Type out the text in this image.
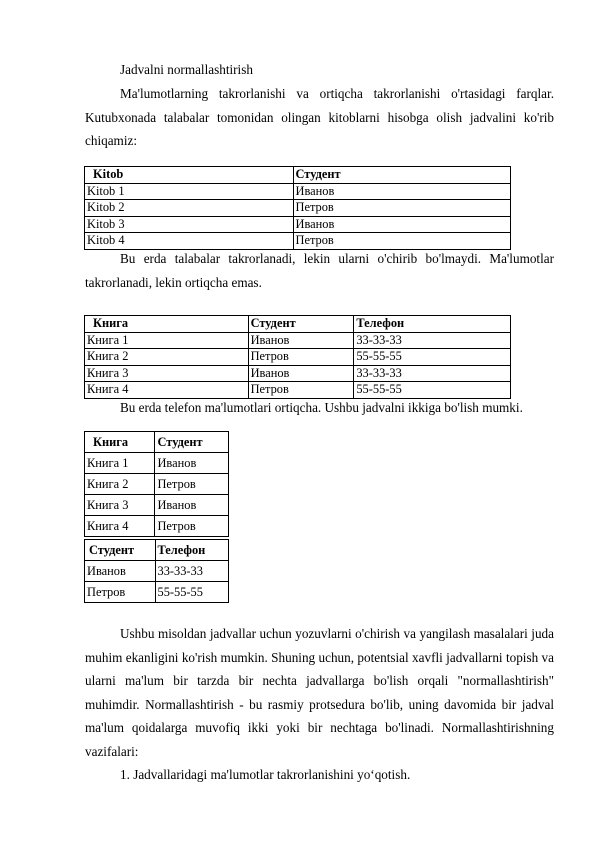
Jadvalni normallashtirish
Ma'lumotlarning takrorlanishi va ortiqcha takrorlanishi o'rtasidagi farqlar. Kutubxonada talabalar tomonidan olingan kitoblarni hisobga olish jadvalini ko'rib chiqamiz:
Kitob	Студент
Kitob 1	Иванов
Kitob 2	Петров
Kitob 3	Иванов
Kitob 4	Петров
Bu erda talabalar takrorlanadi, lekin ularni o'chirib bo'lmaydi. Ma'lumotlar takrorlanadi, lekin ortiqcha emas.
Книга	Студент	Телефон
Книга 1	Иванов	33-33-33
Книга 2	Петров	55-55-55
Книга 3	Иванов	33-33-33
Книга 4	Петров	55-55-55
Bu erda telefon ma'lumotlari ortiqcha. Ushbu jadvalni ikkiga bo'lish mumki.
Книга	Студент
Книга 1	Иванов
Книга 2	Петров
Книга 3	Иванов
Книга 4	Петров
Студент	Телефон
Иванов	33-33-33
Петров	55-55-55
Ushbu misoldan jadvallar uchun yozuvlarni o'chirish va yangilash masalalari juda muhim ekanligini ko'rish mumkin. Shuning uchun, potentsial xavfli jadvallarni topish va ularni ma'lum bir tarzda bir nechta jadvallarga bo'lish orqali "normallashtirish" muhimdir. Normallashtirish - bu rasmiy protsedura bo'lib, uning davomida bir jadval ma'lum qoidalarga muvofiq ikki yoki bir nechtaga bo'linadi. Normallashtirishning vazifalari:
1. Jadvallaridagi ma'lumotlar takrorlanishini yo‘qotish.
